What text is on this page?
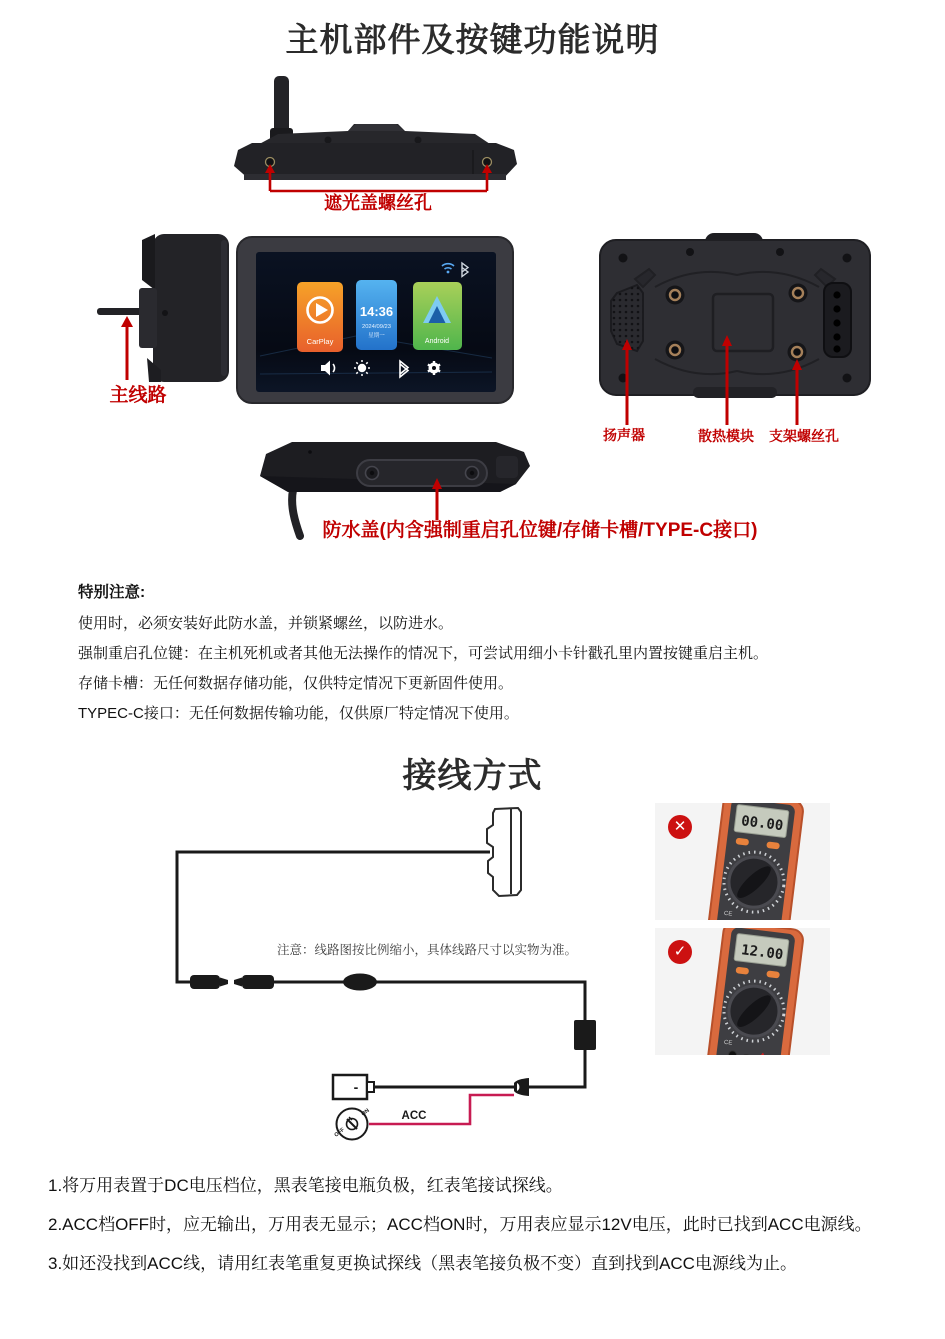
主机部件及按键功能说明
遮光盖螺丝孔
主线路
CarPlay
14:36
2024/09/23
星期一
Android
扬声器	散热模块 支架螺丝孔
防水盖(内含强制重启孔位键/存储卡槽/TYPE-C接口)
特别注意:
使用时，必须安装好此防水盖，并锁紧螺丝，以防进水。
强制重启孔位键：在主机死机或者其他无法操作的情况下，可尝试用细小卡针戳孔里内置按键重启主机。
存储卡槽：无任何数据存储功能，仅供特定情况下更新固件使用。
TYPEC-C接口：无任何数据传输功能，仅供原厂特定情况下使用。
接线方式
-
ON
OFF
ACC
注意：线路图按比例缩小，具体线路尺寸以实物为准。
✕	00.00
CE
✓	12.00
CE

1.将万用表置于DC电压档位，黑表笔接电瓶负极，红表笔接试探线。

2.ACC档OFF时，应无输出，万用表无显示；ACC档ON时，万用表应显示12V电压，此时已找到ACC电源线。

3.如还没找到ACC线，请用红表笔重复更换试探线（黑表笔接负极不变）直到找到ACC电源线为止。
